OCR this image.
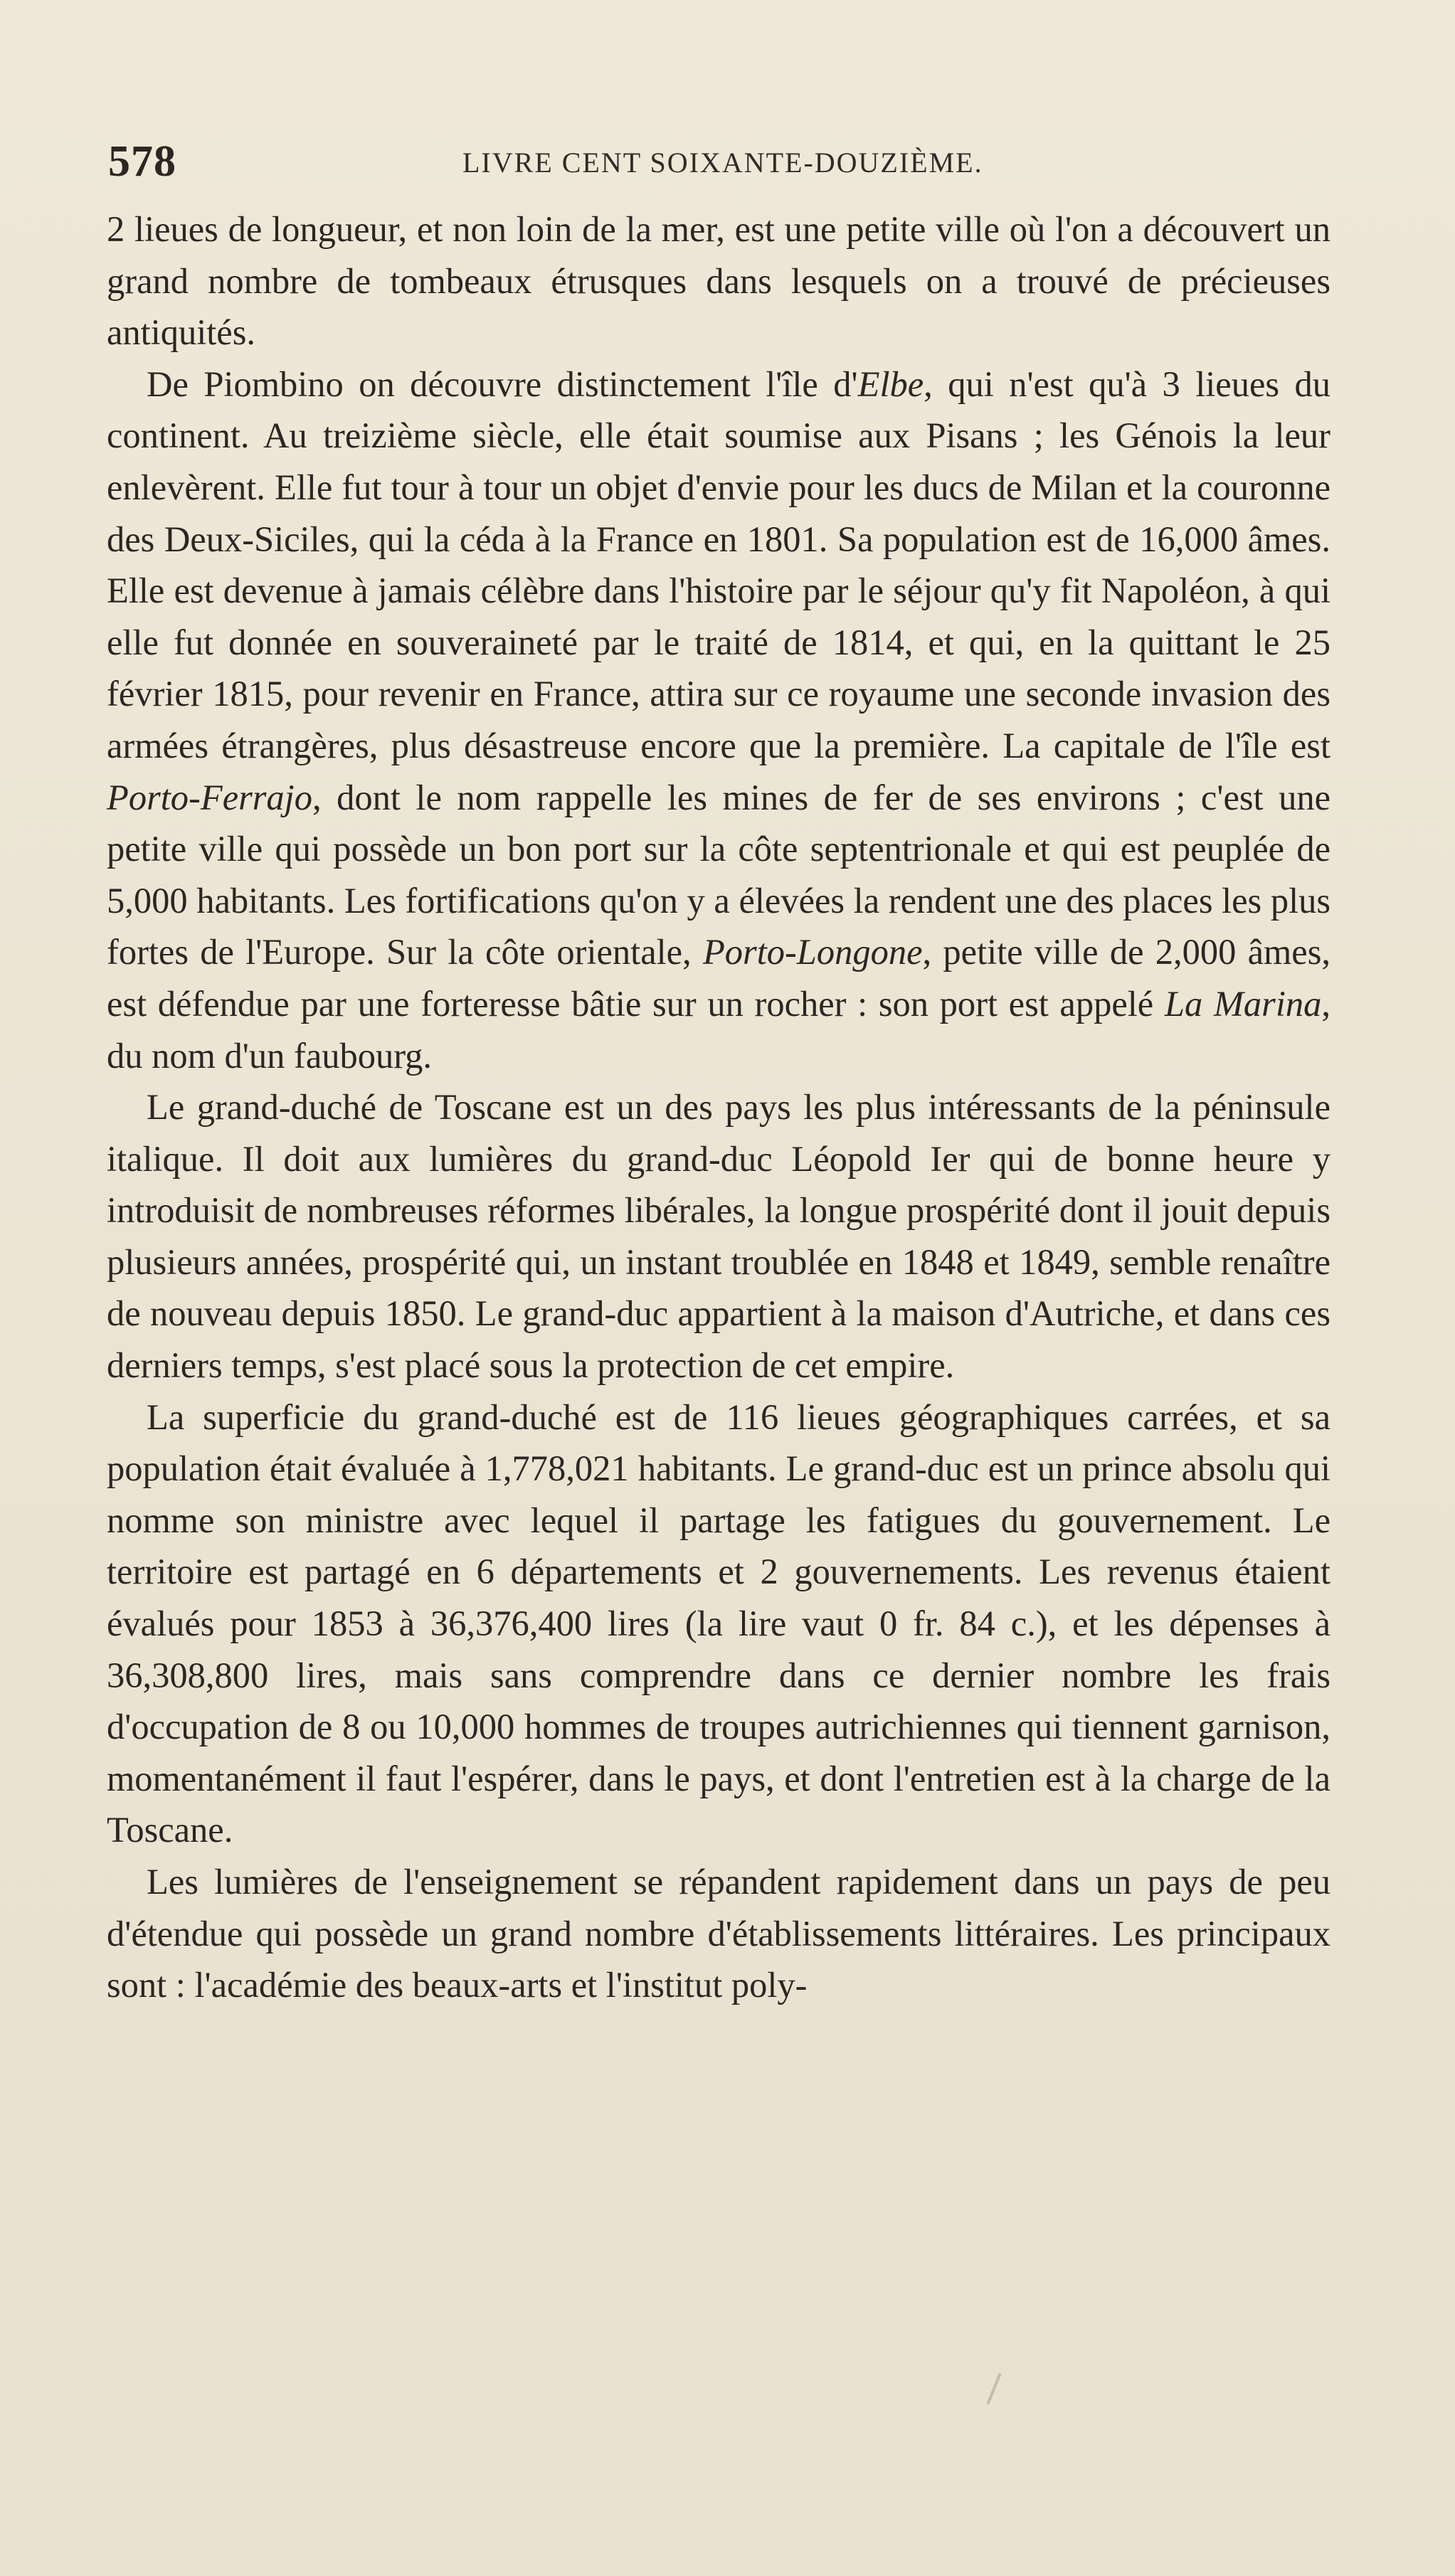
578	LIVRE CENT SOIXANTE-DOUZIÈME.

2 lieues de longueur, et non loin de la mer, est une petite ville où l'on a découvert un grand nombre de tombeaux étrusques dans lesquels on a trouvé de précieuses antiquités.

De Piombino on découvre distinctement l'île d'Elbe, qui n'est qu'à 3 lieues du continent. Au treizième siècle, elle était soumise aux Pisans ; les Génois la leur enlevèrent. Elle fut tour à tour un objet d'envie pour les ducs de Milan et la couronne des Deux-Siciles, qui la céda à la France en 1801. Sa population est de 16,000 âmes. Elle est devenue à jamais célèbre dans l'histoire par le séjour qu'y fit Napoléon, à qui elle fut donnée en souveraineté par le traité de 1814, et qui, en la quittant le 25 février 1815, pour revenir en France, attira sur ce royaume une seconde invasion des armées étrangères, plus désastreuse encore que la première. La capitale de l'île est Porto-Ferrajo, dont le nom rappelle les mines de fer de ses environs ; c'est une petite ville qui possède un bon port sur la côte septentrionale et qui est peuplée de 5,000 habitants. Les fortifications qu'on y a élevées la rendent une des places les plus fortes de l'Europe. Sur la côte orientale, Porto-Longone, petite ville de 2,000 âmes, est défendue par une forteresse bâtie sur un rocher : son port est appelé La Marina, du nom d'un faubourg.

Le grand-duché de Toscane est un des pays les plus intéressants de la péninsule italique. Il doit aux lumières du grand-duc Léopold Ier qui de bonne heure y introduisit de nombreuses réformes libérales, la longue prospérité dont il jouit depuis plusieurs années, prospérité qui, un instant troublée en 1848 et 1849, semble renaître de nouveau depuis 1850. Le grand-duc appartient à la maison d'Autriche, et dans ces derniers temps, s'est placé sous la protection de cet empire.

La superficie du grand-duché est de 116 lieues géographiques carrées, et sa population était évaluée à 1,778,021 habitants. Le grand-duc est un prince absolu qui nomme son ministre avec lequel il partage les fatigues du gouvernement. Le territoire est partagé en 6 départements et 2 gouvernements. Les revenus étaient évalués pour 1853 à 36,376,400 lires (la lire vaut 0 fr. 84 c.), et les dépenses à 36,308,800 lires, mais sans comprendre dans ce dernier nombre les frais d'occupation de 8 ou 10,000 hommes de troupes autrichiennes qui tiennent garnison, momentanément il faut l'espérer, dans le pays, et dont l'entretien est à la charge de la Toscane.

Les lumières de l'enseignement se répandent rapidement dans un pays de peu d'étendue qui possède un grand nombre d'établissements littéraires. Les principaux sont : l'académie des beaux-arts et l'institut poly-
